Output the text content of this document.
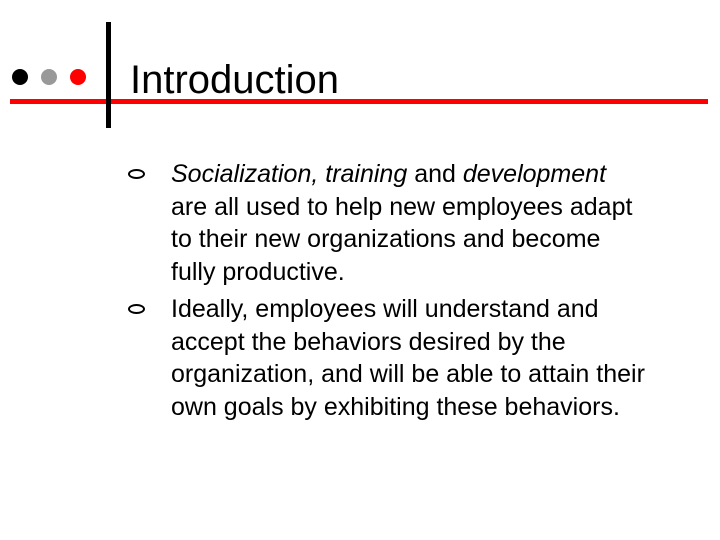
Introduction
Socialization, training and development are all used to help new employees adapt to their new organizations and become fully productive.
Ideally, employees will understand and accept the behaviors desired by the organization, and will be able to attain their own goals by exhibiting these behaviors.
